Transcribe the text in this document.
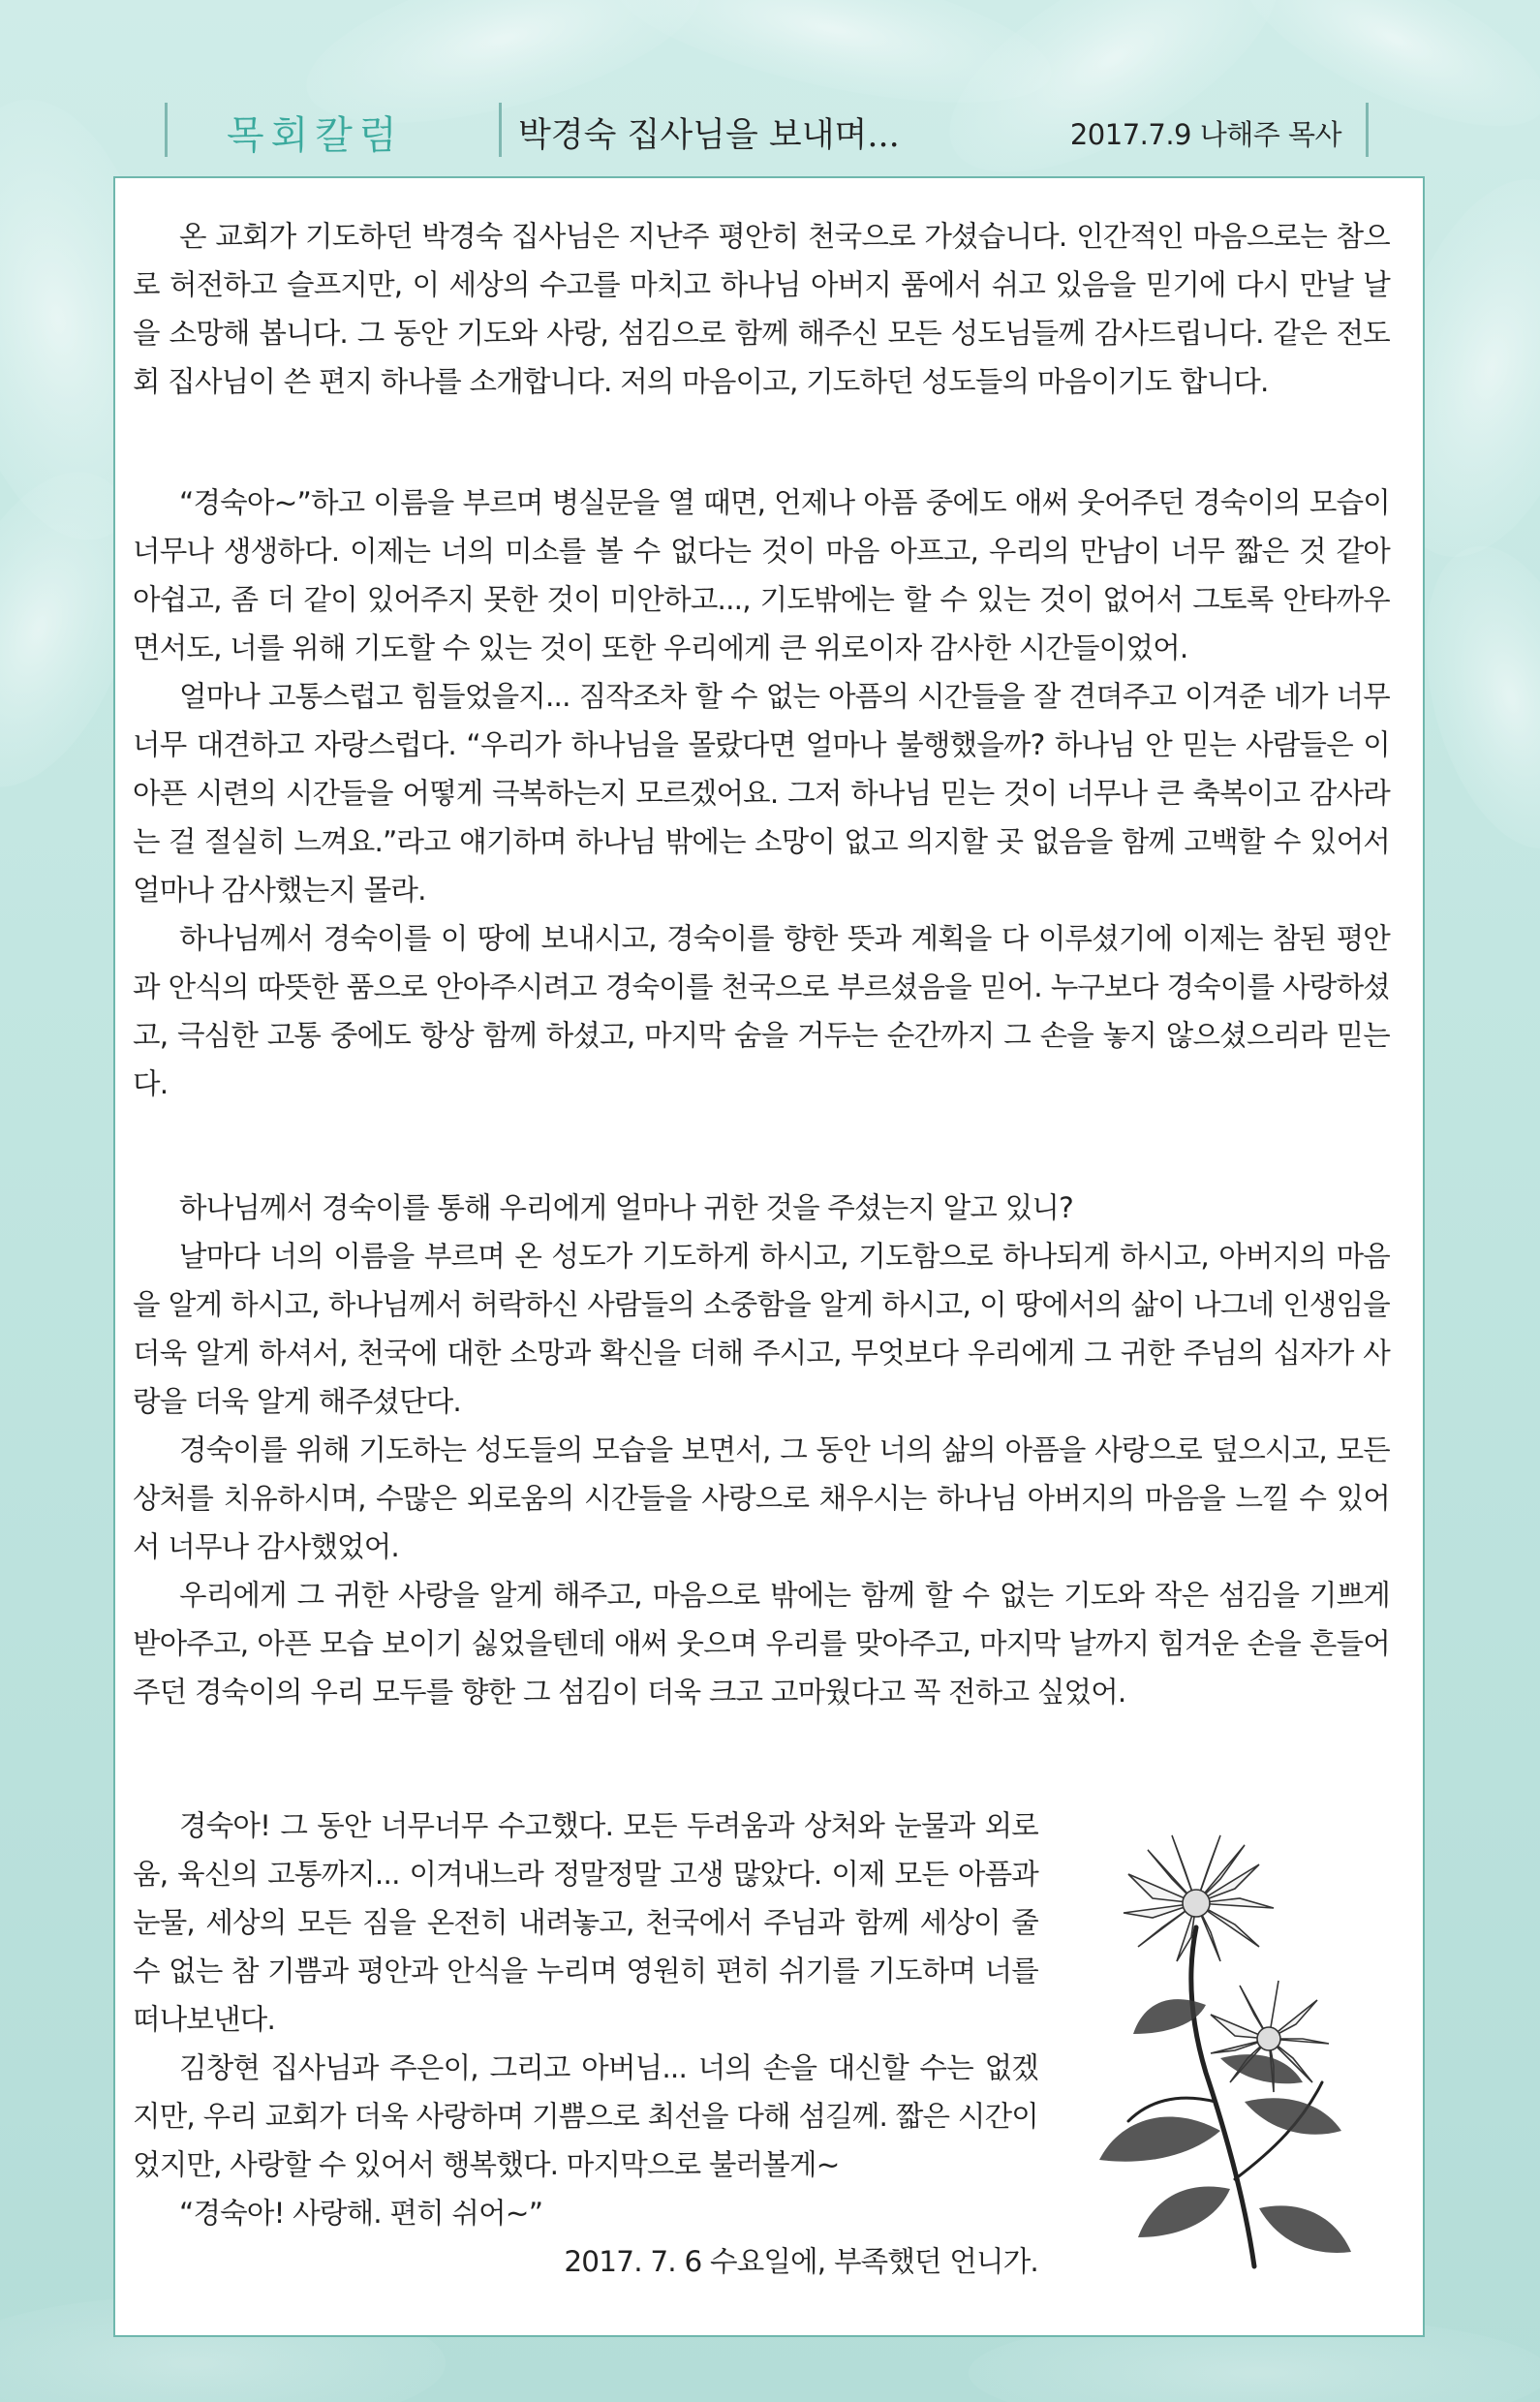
목회칼럼	박경숙 집사님을 보내며...	2017.7.9 나해주 목사

온 교회가 기도하던 박경숙 집사님은 지난주 평안히 천국으로 가셨습니다. 인간적인 마음으로는 참으로 허전하고 슬프지만, 이 세상의 수고를 마치고 하나님 아버지 품에서 쉬고 있음을 믿기에 다시 만날 날을 소망해 봅니다. 그 동안 기도와 사랑, 섬김으로 함께 해주신 모든 성도님들께 감사드립니다. 같은 전도회 집사님이 쓴 편지 하나를 소개합니다. 저의 마음이고, 기도하던 성도들의 마음이기도 합니다.

“경숙아~”하고 이름을 부르며 병실문을 열 때면, 언제나 아픔 중에도 애써 웃어주던 경숙이의 모습이 너무나 생생하다. 이제는 너의 미소를 볼 수 없다는 것이 마음 아프고, 우리의 만남이 너무 짧은 것 같아 아쉽고, 좀 더 같이 있어주지 못한 것이 미안하고..., 기도밖에는 할 수 있는 것이 없어서 그토록 안타까우면서도, 너를 위해 기도할 수 있는 것이 또한 우리에게 큰 위로이자 감사한 시간들이었어.

얼마나 고통스럽고 힘들었을지... 짐작조차 할 수 없는 아픔의 시간들을 잘 견뎌주고 이겨준 네가 너무너무 대견하고 자랑스럽다. “우리가 하나님을 몰랐다면 얼마나 불행했을까? 하나님 안 믿는 사람들은 이 아픈 시련의 시간들을 어떻게 극복하는지 모르겠어요. 그저 하나님 믿는 것이 너무나 큰 축복이고 감사라는 걸 절실히 느껴요.”라고 얘기하며 하나님 밖에는 소망이 없고 의지할 곳 없음을 함께 고백할 수 있어서 얼마나 감사했는지 몰라.

하나님께서 경숙이를 이 땅에 보내시고, 경숙이를 향한 뜻과 계획을 다 이루셨기에 이제는 참된 평안과 안식의 따뜻한 품으로 안아주시려고 경숙이를 천국으로 부르셨음을 믿어. 누구보다 경숙이를 사랑하셨고, 극심한 고통 중에도 항상 함께 하셨고, 마지막 숨을 거두는 순간까지 그 손을 놓지 않으셨으리라 믿는다.

하나님께서 경숙이를 통해 우리에게 얼마나 귀한 것을 주셨는지 알고 있니?

날마다 너의 이름을 부르며 온 성도가 기도하게 하시고, 기도함으로 하나되게 하시고, 아버지의 마음을 알게 하시고, 하나님께서 허락하신 사람들의 소중함을 알게 하시고, 이 땅에서의 삶이 나그네 인생임을 더욱 알게 하셔서, 천국에 대한 소망과 확신을 더해 주시고, 무엇보다 우리에게 그 귀한 주님의 십자가 사랑을 더욱 알게 해주셨단다.

경숙이를 위해 기도하는 성도들의 모습을 보면서, 그 동안 너의 삶의 아픔을 사랑으로 덮으시고, 모든 상처를 치유하시며, 수많은 외로움의 시간들을 사랑으로 채우시는 하나님 아버지의 마음을 느낄 수 있어서 너무나 감사했었어.

우리에게 그 귀한 사랑을 알게 해주고, 마음으로 밖에는 함께 할 수 없는 기도와 작은 섬김을 기쁘게 받아주고, 아픈 모습 보이기 싫었을텐데 애써 웃으며 우리를 맞아주고, 마지막 날까지 힘겨운 손을 흔들어 주던 경숙이의 우리 모두를 향한 그 섬김이 더욱 크고 고마웠다고 꼭 전하고 싶었어.

경숙아! 그 동안 너무너무 수고했다. 모든 두려움과 상처와 눈물과 외로움, 육신의 고통까지... 이겨내느라 정말정말 고생 많았다. 이제 모든 아픔과 눈물, 세상의 모든 짐을 온전히 내려놓고, 천국에서 주님과 함께 세상이 줄 수 없는 참 기쁨과 평안과 안식을 누리며 영원히 편히 쉬기를 기도하며 너를 떠나보낸다.

김창현 집사님과 주은이, 그리고 아버님... 너의 손을 대신할 수는 없겠지만, 우리 교회가 더욱 사랑하며 기쁨으로 최선을 다해 섬길께. 짧은 시간이었지만, 사랑할 수 있어서 행복했다. 마지막으로 불러볼게~

“경숙아! 사랑해. 편히 쉬어~”

2017. 7. 6 수요일에, 부족했던 언니가.
